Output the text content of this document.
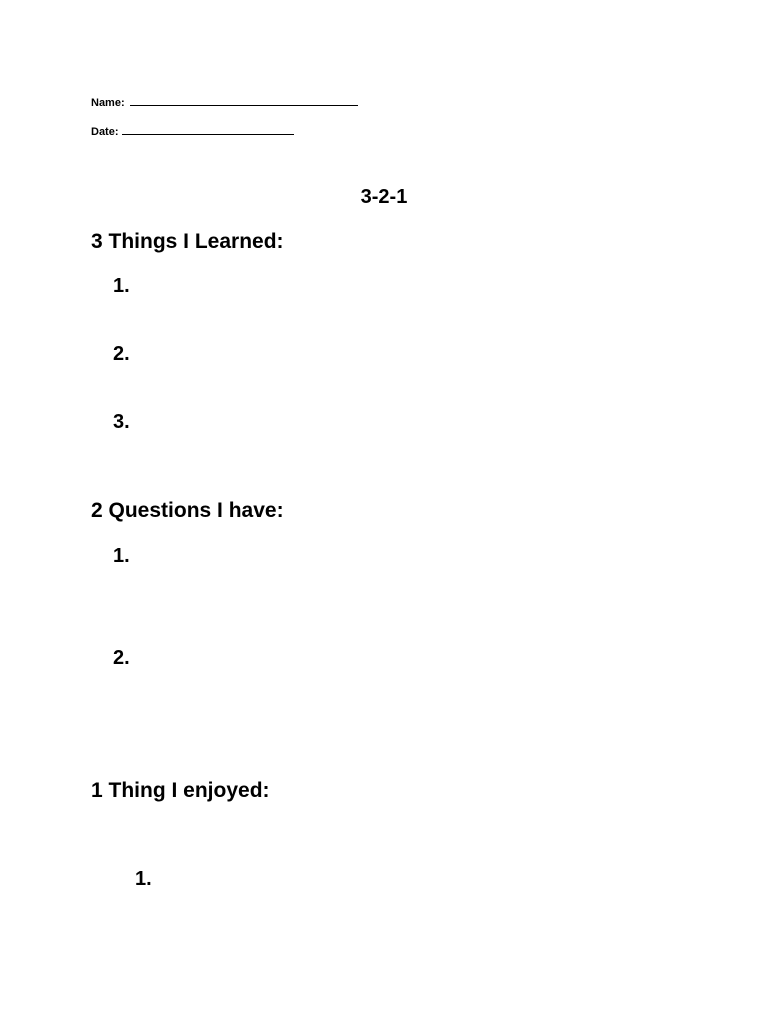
Name:
Date:
3-2-1
3 Things I Learned:
1.
2.
3.
2 Questions I have:
1.
2.
1 Thing I enjoyed:
1.
